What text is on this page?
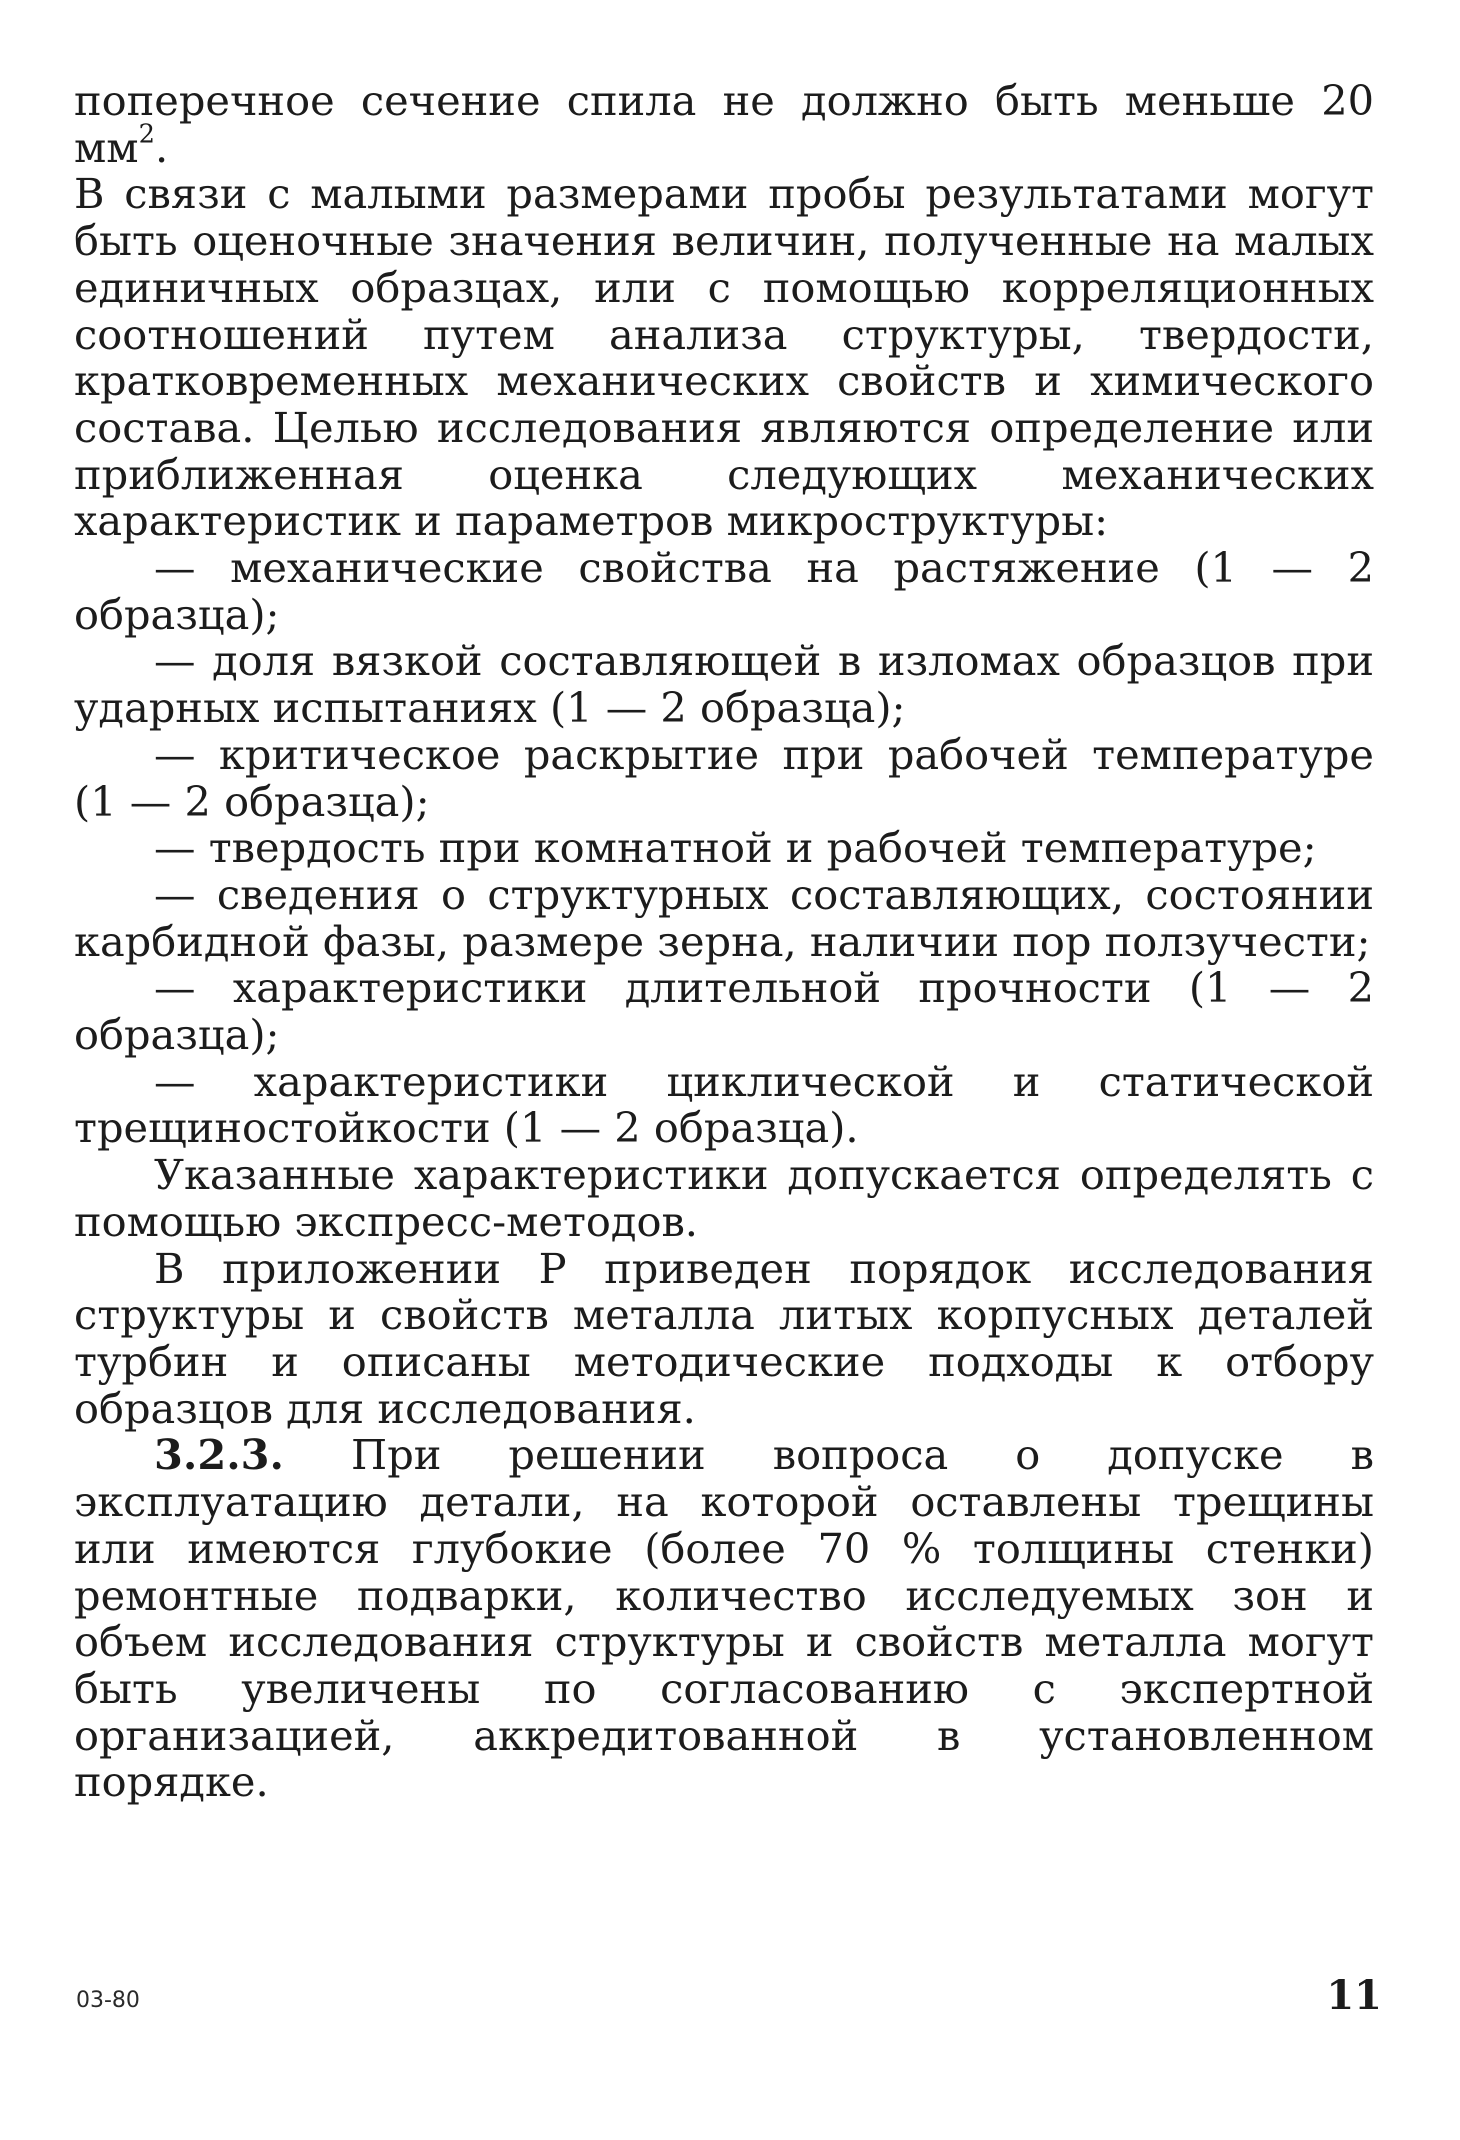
поперечное сечение спила не должно быть меньше 20 $мм^2$.

В связи с малыми размерами пробы результатами могут быть оценочные значения величин, полученные на малых единичных образцах, или с помощью корреляционных соотношений путем анализа структуры, твердости, кратковременных механических свойств и химического состава. Целью исследования являются определение или приближенная оценка следующих механических характеристик и параметров микроструктуры:

— механические свойства на растяжение (1 — 2 образца);

— доля вязкой составляющей в изломах образцов при ударных испытаниях (1 — 2 образца);

— критическое раскрытие при рабочей температуре (1 — 2 образца);

— твердость при комнатной и рабочей температуре;

— сведения о структурных составляющих, состоянии карбидной фазы, размере зерна, наличии пор ползучести;

— характеристики длительной прочности (1 — 2 образца);

— характеристики циклической и статической трещиностойкости (1 — 2 образца).

Указанные характеристики допускается определять с помощью экспресс-методов.

В приложении Р приведен порядок исследования структуры и свойств металла литых корпусных деталей турбин и описаны методические подходы к отбору образцов для исследования.

3.2.3. При решении вопроса о допуске в эксплуатацию детали, на которой оставлены трещины или имеются глубокие (более 70 % толщины стенки) ремонтные подварки, количество исследуемых зон и объем исследования структуры и свойств металла могут быть увеличены по согласованию с экспертной организацией, аккредитованной в установленном порядке.

03-80	11
